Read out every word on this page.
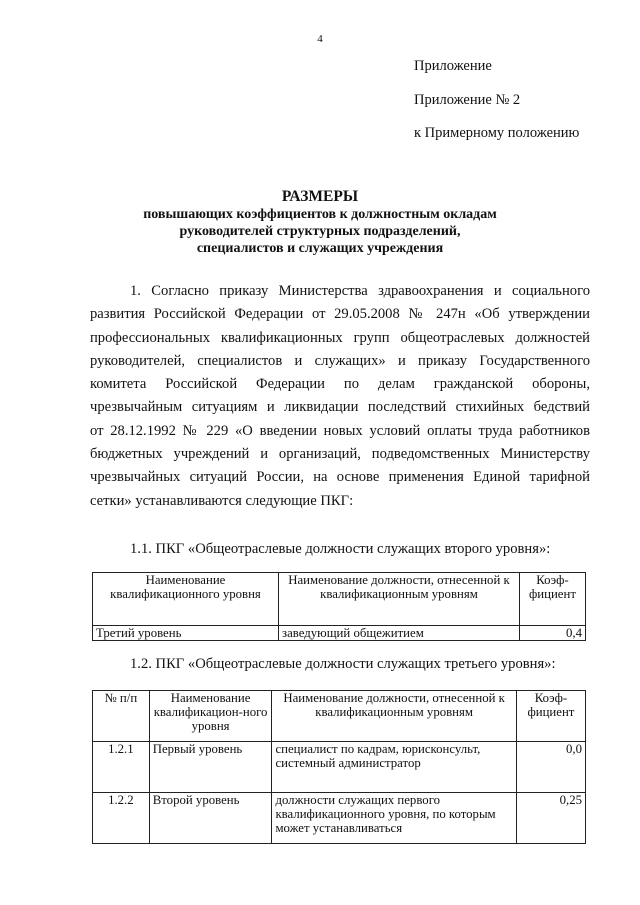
4
Приложение
Приложение № 2
к Примерному положению
РАЗМЕРЫ
повышающих коэффициентов к должностным окладам
руководителей структурных подразделений,
специалистов и служащих учреждения
1. Согласно приказу Министерства здравоохранения и социального
развития Российской Федерации от 29.05.2008 № 247н «Об утверждении
профессиональных квалификационных групп общеотраслевых должностей
руководителей, специалистов и служащих» и приказу Государственного
комитета Российской Федерации по делам гражданской обороны,
чрезвычайным ситуациям и ликвидации последствий стихийных бедствий
от 28.12.1992 № 229 «О введении новых условий оплаты труда работников
бюджетных учреждений и организаций, подведомственных Министерству
чрезвычайных ситуаций России, на основе применения Единой тарифной
сетки» устанавливаются следующие ПКГ:
1.1. ПКГ «Общеотраслевые должности служащих второго уровня»:
Наименование квалификационного уровня	Наименование должности, отнесенной к квалификационным уровням	Коэф-фициент
Третий уровень	заведующий общежитием	0,4
1.2. ПКГ «Общеотраслевые должности служащих третьего уровня»:
№ п/п	Наименование квалификацион-ного уровня	Наименование должности, отнесенной к квалификационным уровням	Коэф-фициент
1.2.1	Первый уровень	специалист по кадрам, юрисконсульт, системный администратор	0,0
1.2.2	Второй уровень	должности служащих первого квалификационного уровня, по которым может устанавливаться	0,25
